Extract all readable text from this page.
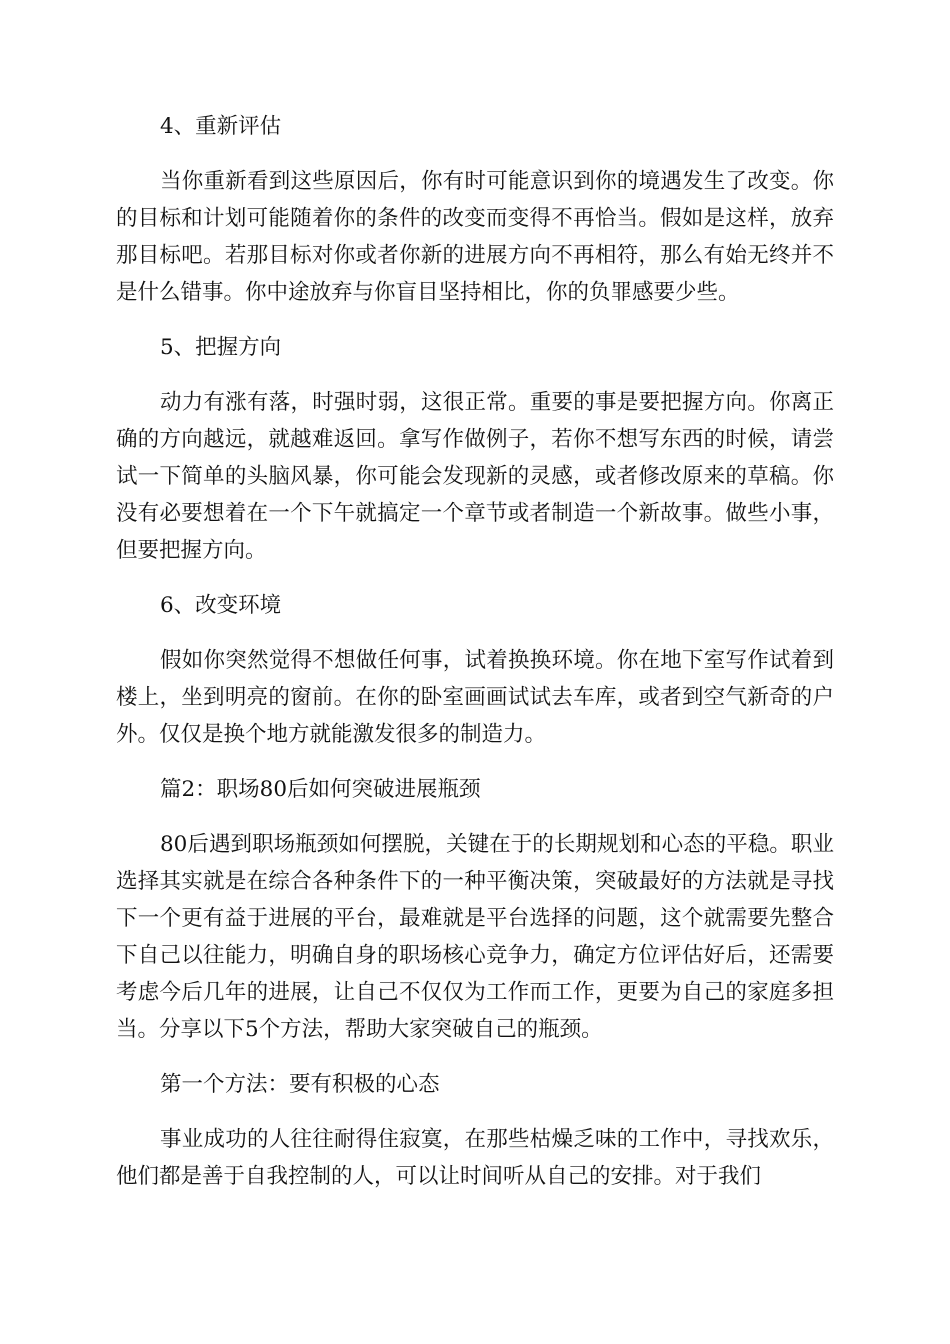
4、重新评估
当你重新看到这些原因后，你有时可能意识到你的境遇发生了改变。你的目标和计划可能随着你的条件的改变而变得不再恰当。假如是这样，放弃那目标吧。若那目标对你或者你新的进展方向不再相符，那么有始无终并不是什么错事。你中途放弃与你盲目坚持相比，你的负罪感要少些。
5、把握方向
动力有涨有落，时强时弱，这很正常。重要的事是要把握方向。你离正确的方向越远，就越难返回。拿写作做例子，若你不想写东西的时候，请尝试一下简单的头脑风暴，你可能会发现新的灵感，或者修改原来的草稿。你没有必要想着在一个下午就搞定一个章节或者制造一个新故事。做些小事，但要把握方向。
6、改变环境
假如你突然觉得不想做任何事，试着换换环境。你在地下室写作试着到楼上，坐到明亮的窗前。在你的卧室画画试试去车库，或者到空气新奇的户外。仅仅是换个地方就能激发很多的制造力。
篇2：职场80后如何突破进展瓶颈
80后遇到职场瓶颈如何摆脱，关键在于的长期规划和心态的平稳。职业选择其实就是在综合各种条件下的一种平衡决策，突破最好的方法就是寻找下一个更有益于进展的平台，最难就是平台选择的问题，这个就需要先整合下自己以往能力，明确自身的职场核心竞争力，确定方位评估好后，还需要考虑今后几年的进展，让自己不仅仅为工作而工作，更要为自己的家庭多担当。分享以下5个方法，帮助大家突破自己的瓶颈。
第一个方法：要有积极的心态
事业成功的人往往耐得住寂寞，在那些枯燥乏味的工作中，寻找欢乐，他们都是善于自我控制的人，可以让时间听从自己的安排。对于我们
